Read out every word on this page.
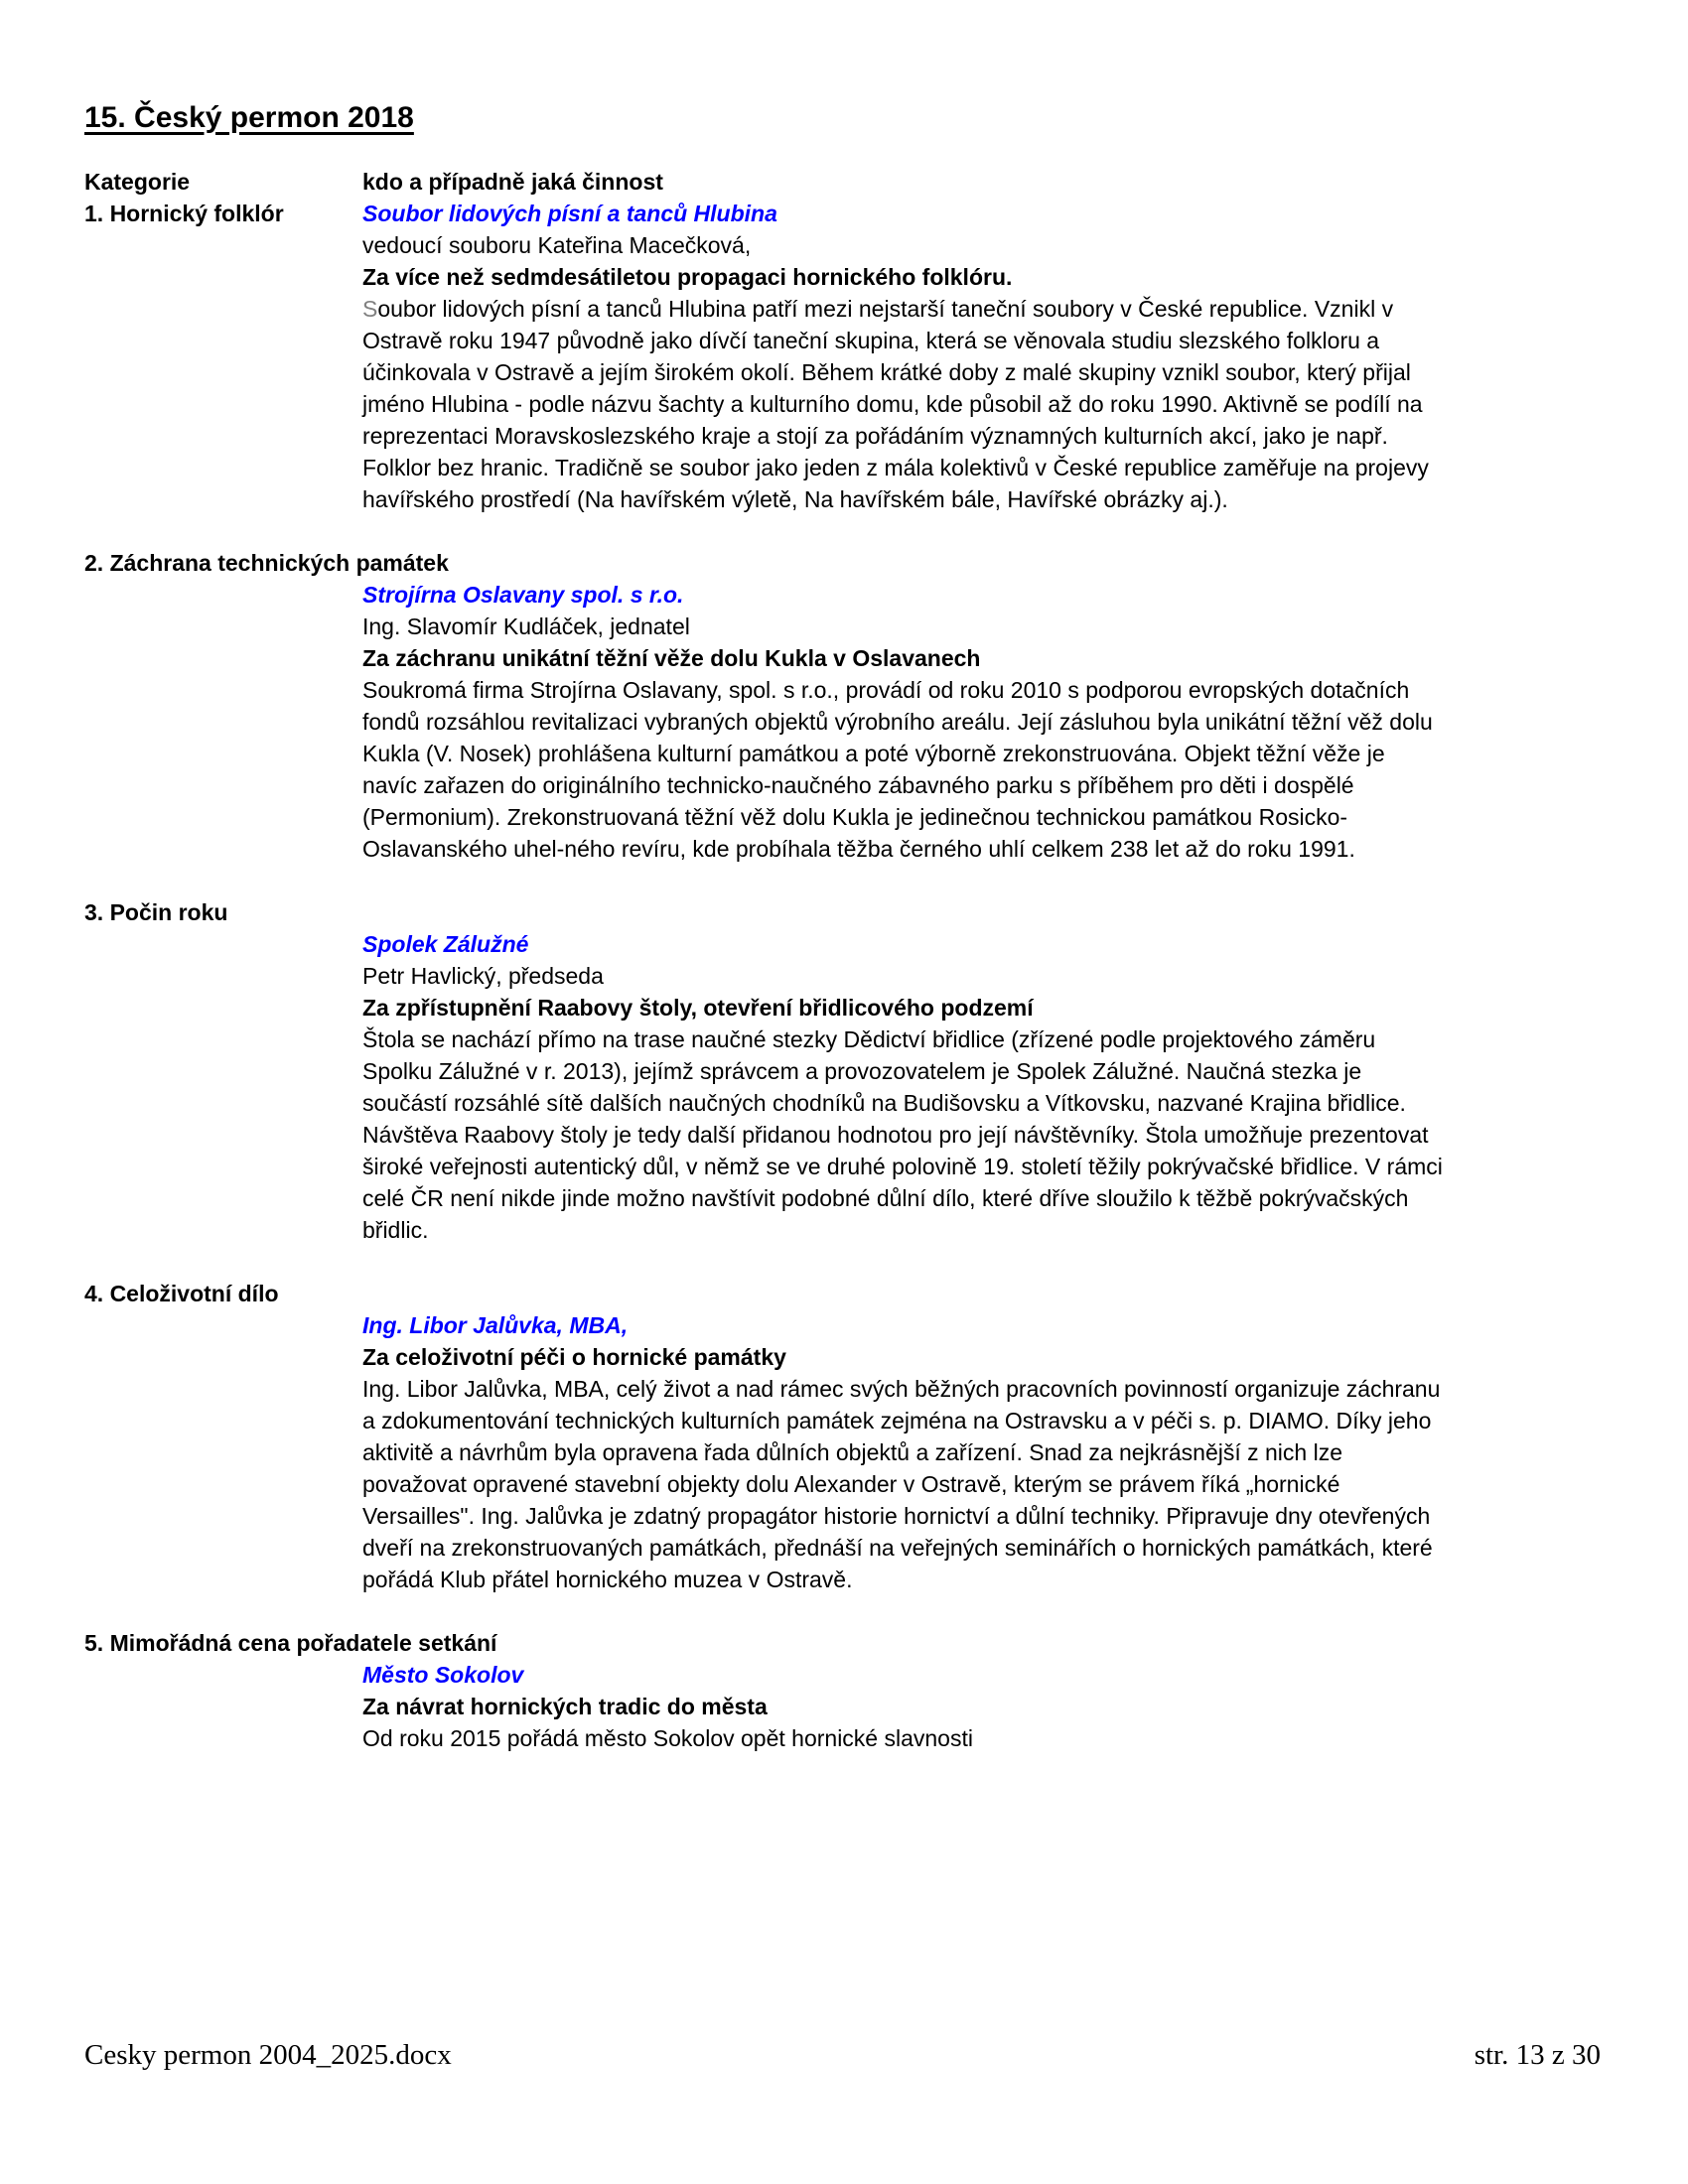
15. Český permon 2018
Kategorie	kdo a případně jaká činnost
1. Hornický folklór	Soubor lidových písní a tanců Hlubina
vedoucí souboru Kateřina Macečková,
Za více než sedmdesátiletou propagaci hornického folklóru.
Soubor lidových písní a tanců Hlubina patří mezi nejstarší taneční soubory v České republice. Vznikl v Ostravě roku 1947 původně jako dívčí taneční skupina, která se věnovala studiu slezského folkloru a účinkovala v Ostravě a jejím širokém okolí. Během krátké doby z malé skupiny vznikl soubor, který přijal jméno Hlubina - podle názvu šachty a kulturního domu, kde působil až do roku 1990. Aktivně se podílí na reprezentaci Moravskoslezského kraje a stojí za pořádáním významných kulturních akcí, jako je např. Folklor bez hranic. Tradičně se soubor jako jeden z mála kolektivů v České republice zaměřuje na projevy havířského prostředí (Na havířském výletě, Na havířském bále, Havířské obrázky aj.).
2. Záchrana technických památek
Strojírna Oslavany spol. s r.o.
Ing. Slavomír Kudláček, jednatel
Za záchranu unikátní těžní věže dolu Kukla v Oslavanech
Soukromá firma Strojírna Oslavany, spol. s r.o., provádí od roku 2010 s podporou evropských dotačních fondů rozsáhlou revitalizaci vybraných objektů výrobního areálu. Její zásluhou byla unikátní těžní věž dolu Kukla (V. Nosek) prohlášena kulturní památkou a poté výborně zrekonstruována. Objekt těžní věže je navíc zařazen do originálního technicko-naučného zábavného parku s příběhem pro děti i dospělé (Permonium). Zrekonstruovaná těžní věž dolu Kukla je jedinečnou technickou památkou Rosicko-Oslavanského uhel-ného revíru, kde probíhala těžba černého uhlí celkem 238 let až do roku 1991.
3. Počin roku
Spolek Zálužné
Petr Havlický, předseda
Za zpřístupnění Raabovy štoly, otevření břidlicového podzemí
Štola se nachází přímo na trase naučné stezky Dědictví břidlice (zřízené podle projektového záměru Spolku Zálužné v r. 2013), jejímž správcem a provozovatelem je Spolek Zálužné. Naučná stezka je součástí rozsáhlé sítě dalších naučných chodníků na Budišovsku a Vítkovsku, nazvané Krajina břidlice. Návštěva Raabovy štoly je tedy další přidanou hodnotou pro její návštěvníky. Štola umožňuje prezentovat široké veřejnosti autentický důl, v němž se ve druhé polovině 19. století těžily pokrývačské břidlice. V rámci celé ČR není nikde jinde možno navštívit podobné důlní dílo, které dříve sloužilo k těžbě pokrývačských břidlic.
4. Celoživotní dílo
Ing. Libor Jalůvka, MBA,
Za celoživotní péči o hornické památky
Ing. Libor Jalůvka, MBA, celý život a nad rámec svých běžných pracovních povinností organizuje záchranu a zdokumentování technických kulturních památek zejména na Ostravsku a v péči s. p. DIAMO. Díky jeho aktivitě a návrhům byla opravena řada důlních objektů a zařízení. Snad za nejkrásnější z nich lze považovat opravené stavební objekty dolu Alexander v Ostravě, kterým se právem říká „hornické Versailles". Ing. Jalůvka je zdatný propagátor historie hornictví a důlní techniky. Připravuje dny otevřených dveří na zrekonstruovaných památkách, přednáší na veřejných seminářích o hornických památkách, které pořádá Klub přátel hornického muzea v Ostravě.
5. Mimořádná cena pořadatele setkání
Město Sokolov
Za návrat hornických tradic do města
Od roku 2015 pořádá město Sokolov opět hornické slavnosti
Cesky permon 2004_2025.docx	str. 13 z 30
